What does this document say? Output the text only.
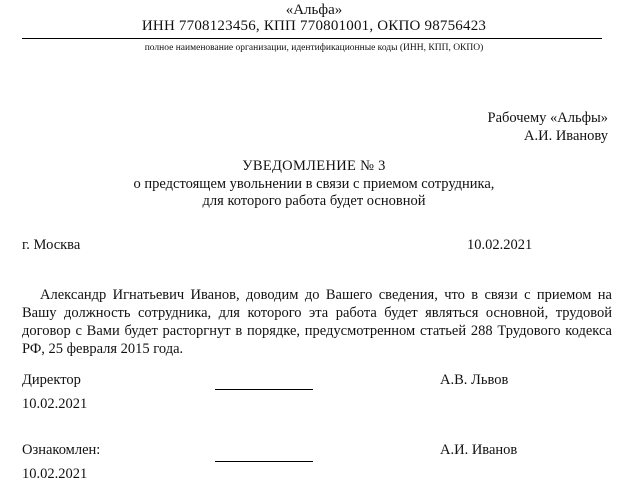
«Альфа»
ИНН 7708123456, КПП 770801001, ОКПО 98756423
полное наименование организации, идентификационные коды (ИНН, КПП, ОКПО)
Рабочему «Альфы»
А.И. Иванову
УВЕДОМЛЕНИЕ № 3
о предстоящем увольнении в связи с приемом сотрудника,
для которого работа будет основной
г. Москва	10.02.2021
Александр Игнатьевич Иванов, доводим до Вашего сведения, что в связи с приемом на Вашу должность сотрудника, для которого эта работа будет являться основной, трудовой договор с Вами будет расторгнут в порядке, предусмотренном статьей 288 Трудового кодекса РФ, 25 февраля 2015 года.
Директор	А.В. Львов
10.02.2021
Ознакомлен:	А.И. Иванов
10.02.2021
